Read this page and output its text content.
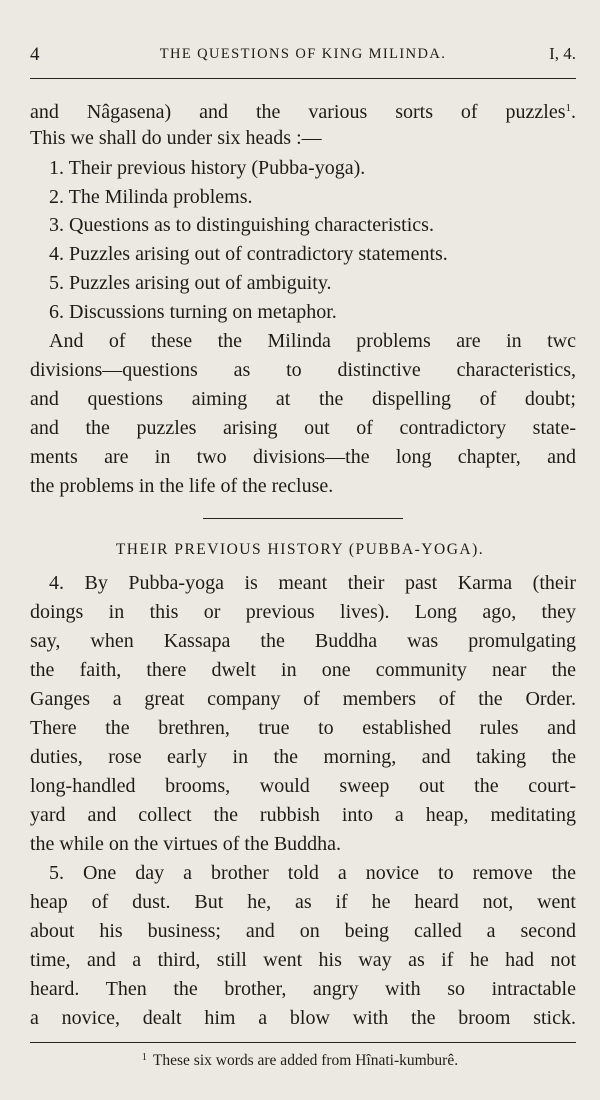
4	THE QUESTIONS OF KING MILINDA.	I, 4.
and Nâgasena) and the various sorts of puzzles$^1$.
This we shall do under six heads :—
1. Their previous history (Pubba-yoga).
2. The Milinda problems.
3. Questions as to distinguishing characteristics.
4. Puzzles arising out of contradictory statements.
5. Puzzles arising out of ambiguity.
6. Discussions turning on metaphor.
And of these the Milinda problems are in twc
divisions—questions as to distinctive characteristics,
and questions aiming at the dispelling of doubt;
and the puzzles arising out of contradictory state-
ments are in two divisions—the long chapter, and
the problems in the life of the recluse.
THEIR PREVIOUS HISTORY (PUBBA-YOGA).
4. By Pubba-yoga is meant their past Karma (their
doings in this or previous lives). Long ago, they
say, when Kassapa the Buddha was promulgating
the faith, there dwelt in one community near the
Ganges a great company of members of the Order.
There the brethren, true to established rules and
duties, rose early in the morning, and taking the
long-handled brooms, would sweep out the court-
yard and collect the rubbish into a heap, meditating
the while on the virtues of the Buddha.
5. One day a brother told a novice to remove the
heap of dust. But he, as if he heard not, went
about his business; and on being called a second
time, and a third, still went his way as if he had not
heard. Then the brother, angry with so intractable
a novice, dealt him a blow with the broom stick.
$^1$ These six words are added from Hînati-kumburê.
